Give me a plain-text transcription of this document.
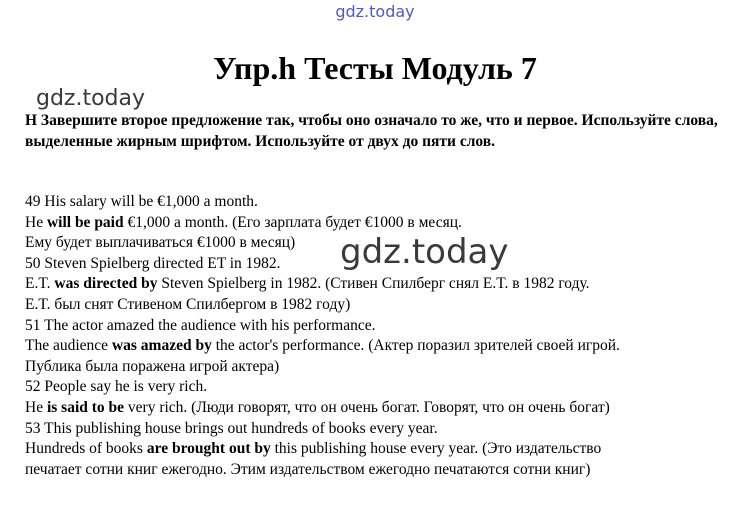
gdz.today
Упр.h Тесты Модуль 7
gdz.today
H Завершите второе предложение так, чтобы оно означало то же, что и первое. Используйте слова, выделенные жирным шрифтом. Используйте от двух до пяти слов.
49 His salary will be €1,000 a month.
He will be paid €1,000 a month. (Его зарплата будет €1000 в месяц.
Ему будет выплачиваться €1000 в месяц)
50 Steven Spielberg directed ET in 1982.
E.T. was directed by Steven Spielberg in 1982. (Стивен Спилберг снял E.T. в 1982 году.
E.T. был снят Стивеном Спилбергом в 1982 году)
51 The actor amazed the audience with his performance.
The audience was amazed by the actor's performance. (Актер поразил зрителей своей игрой.
Публика была поражена игрой актера)
52 People say he is very rich.
He is said to be very rich. (Люди говорят, что он очень богат. Говорят, что он очень богат)
53 This publishing house brings out hundreds of books every year.
Hundreds of books are brought out by this publishing house every year. (Это издательство
печатает сотни книг ежегодно. Этим издательством ежегодно печатаются сотни книг)
gdz.today
